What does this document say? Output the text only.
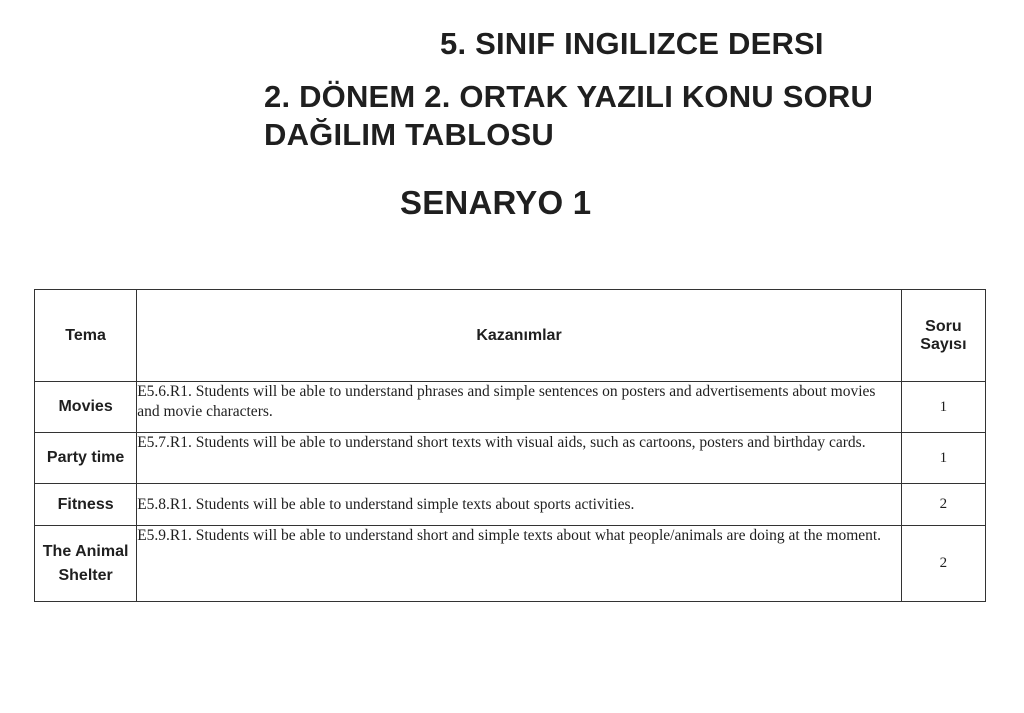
5. SINIF INGILIZCE DERSI
2. DÖNEM 2. ORTAK YAZILI KONU SORU DAĞILIM TABLOSU
SENARYO 1
Tema	Kazanımlar	Soru Sayısı
Movies	E5.6.R1. Students will be able to understand phrases and simple sentences on posters and advertisements about movies and movie characters.	1
Party time	E5.7.R1. Students will be able to understand short texts with visual aids, such as cartoons, posters and birthday cards.	1
Fitness	E5.8.R1. Students will be able to understand simple texts about sports activities.	2
The Animal Shelter	E5.9.R1. Students will be able to understand short and simple texts about what people/animals are doing at the moment.	2
